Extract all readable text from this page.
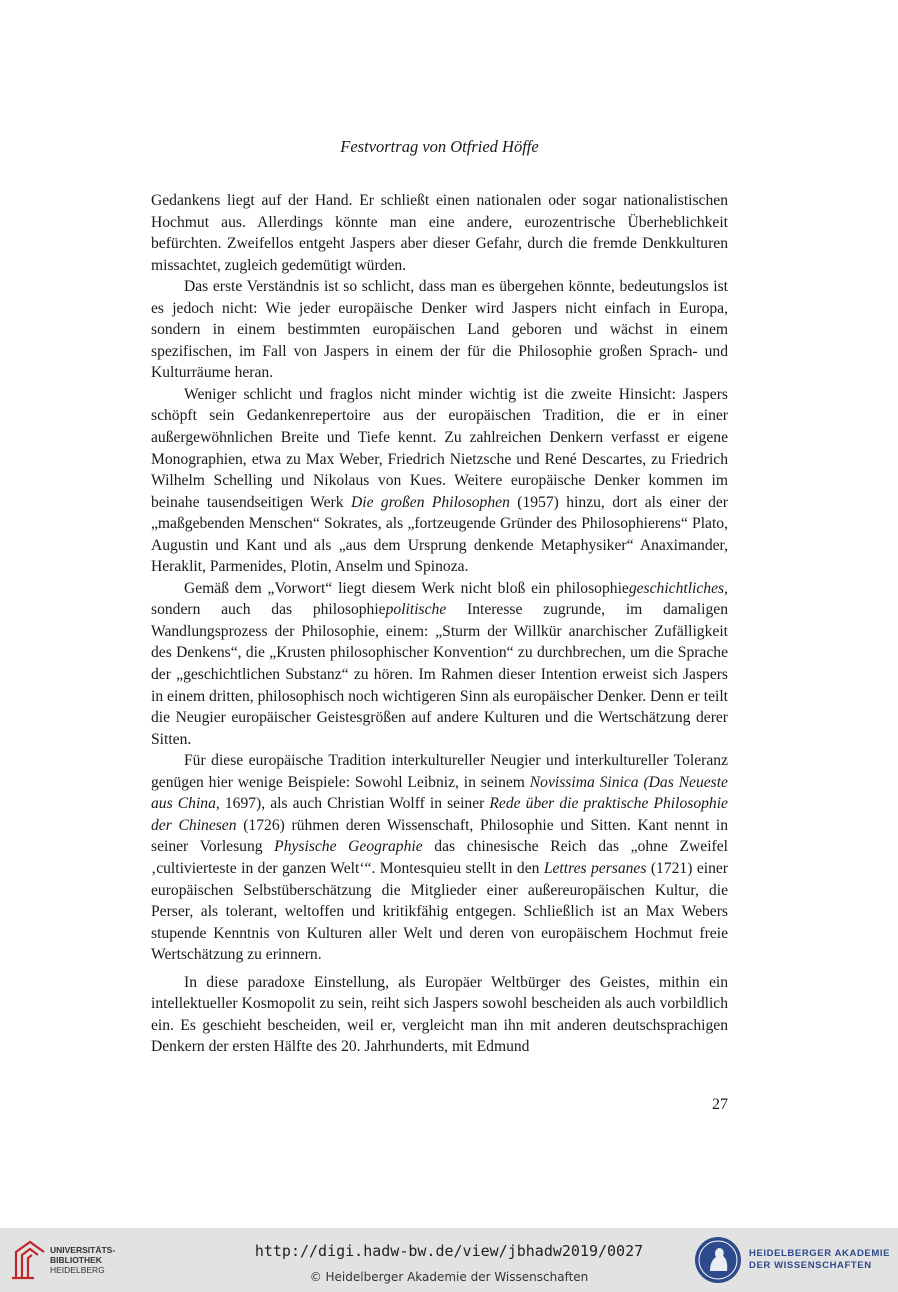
Festvortrag von Otfried Höffe

Gedankens liegt auf der Hand. Er schließt einen nationalen oder sogar nationalistischen Hochmut aus. Allerdings könnte man eine andere, eurozentrische Überheblichkeit befürchten. Zweifellos entgeht Jaspers aber dieser Gefahr, durch die fremde Denkkulturen missachtet, zugleich gedemütigt würden.

Das erste Verständnis ist so schlicht, dass man es übergehen könnte, bedeutungslos ist es jedoch nicht: Wie jeder europäische Denker wird Jaspers nicht einfach in Europa, sondern in einem bestimmten europäischen Land geboren und wächst in einem spezifischen, im Fall von Jaspers in einem der für die Philosophie großen Sprach- und Kulturräume heran.

Weniger schlicht und fraglos nicht minder wichtig ist die zweite Hinsicht: Jaspers schöpft sein Gedankenrepertoire aus der europäischen Tradition, die er in einer außergewöhnlichen Breite und Tiefe kennt. Zu zahlreichen Denkern verfasst er eigene Monographien, etwa zu Max Weber, Friedrich Nietzsche und René Descartes, zu Friedrich Wilhelm Schelling und Nikolaus von Kues. Weitere europäische Denker kommen im beinahe tausendseitigen Werk Die großen Philosophen (1957) hinzu, dort als einer der „maßgebenden Menschen“ Sokrates, als „fortzeugende Gründer des Philosophierens“ Plato, Augustin und Kant und als „aus dem Ursprung denkende Metaphysiker“ Anaximander, Heraklit, Parmenides, Plotin, Anselm und Spinoza.

Gemäß dem „Vorwort“ liegt diesem Werk nicht bloß ein philosophiegeschichtliches, sondern auch das philosophiepolitische Interesse zugrunde, im damaligen Wandlungsprozess der Philosophie, einem: „Sturm der Willkür anarchischer Zufälligkeit des Denkens“, die „Krusten philosophischer Konvention“ zu durchbrechen, um die Sprache der „geschichtlichen Substanz“ zu hören. Im Rahmen dieser Intention erweist sich Jaspers in einem dritten, philosophisch noch wichtigeren Sinn als europäischer Denker. Denn er teilt die Neugier europäischer Geistesgrößen auf andere Kulturen und die Wertschätzung derer Sitten.

Für diese europäische Tradition interkultureller Neugier und interkultureller Toleranz genügen hier wenige Beispiele: Sowohl Leibniz, in seinem Novissima Sinica (Das Neueste aus China, 1697), als auch Christian Wolff in seiner Rede über die praktische Philosophie der Chinesen (1726) rühmen deren Wissenschaft, Philosophie und Sitten. Kant nennt in seiner Vorlesung Physische Geographie das chinesische Reich das „ohne Zweifel ‚cultivierteste in der ganzen Welt‘“. Montesquieu stellt in den Lettres persanes (1721) einer europäischen Selbstüberschätzung die Mitglieder einer außereuropäischen Kultur, die Perser, als tolerant, weltoffen und kritikfähig entgegen. Schließlich ist an Max Webers stupende Kenntnis von Kulturen aller Welt und deren von europäischem Hochmut freie Wertschätzung zu erinnern.

In diese paradoxe Einstellung, als Europäer Weltbürger des Geistes, mithin ein intellektueller Kosmopolit zu sein, reiht sich Jaspers sowohl bescheiden als auch vorbildlich ein. Es geschieht bescheiden, weil er, vergleicht man ihn mit anderen deutschsprachigen Denkern der ersten Hälfte des 20. Jahrhunderts, mit Edmund

27
UNIVERSITÄTS-
BIBLIOTHEK
HEIDELBERG
http://digi.hadw-bw.de/view/jbhadw2019/0027
© Heidelberger Akademie der Wissenschaften
HEIDELBERGER AKADEMIE
DER WISSENSCHAFTEN
